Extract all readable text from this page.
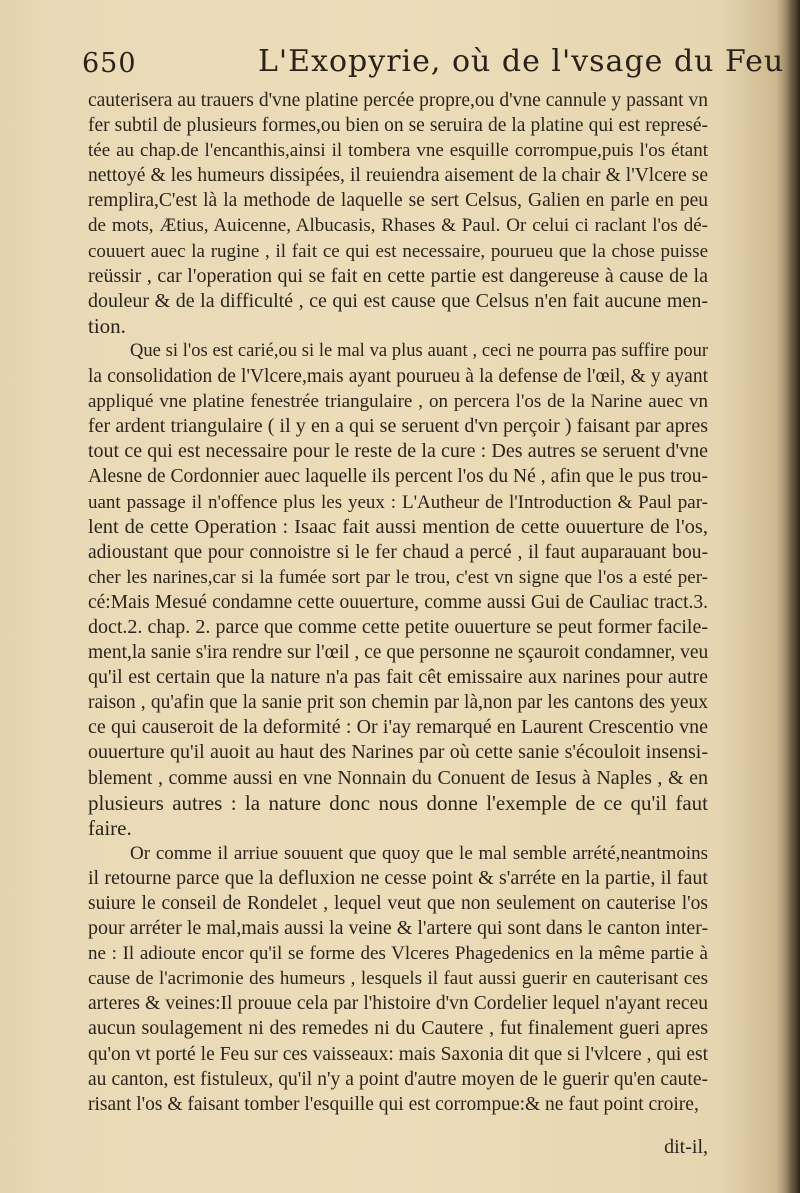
650	L'Exopyrie, où de l'vsage du Feu
cauterisera au trauers d'vne platine percée propre,ou d'vne cannule y passant vn
fer subtil de plusieurs formes,ou bien on se seruira de la platine qui est represé-
tée au chap.de l'encanthis,ainsi il tombera vne esquille corrompue,puis l'os étant
nettoyé & les humeurs dissipées, il reuiendra aisement de la chair & l'Vlcere se
remplira,C'est là la methode de laquelle se sert Celsus, Galien en parle en peu
de mots, Ætius, Auicenne, Albucasis, Rhases & Paul. Or celui ci raclant l'os dé-
couuert auec la rugine , il fait ce qui est necessaire, pourueu que la chose puisse
reüssir , car l'operation qui se fait en cette partie est dangereuse à cause de la
douleur & de la difficulté , ce qui est cause que Celsus n'en fait aucune men-
tion.
Que si l'os est carié,ou si le mal va plus auant , ceci ne pourra pas suffire pour
la consolidation de l'Vlcere,mais ayant pourueu à la defense de l'œil, & y ayant
appliqué vne platine fenestrée triangulaire , on percera l'os de la Narine auec vn
fer ardent triangulaire ( il y en a qui se seruent d'vn perçoir ) faisant par apres
tout ce qui est necessaire pour le reste de la cure : Des autres se seruent d'vne
Alesne de Cordonnier auec laquelle ils percent l'os du Né , afin que le pus trou-
uant passage il n'offence plus les yeux : L'Autheur de l'Introduction & Paul par-
lent de cette Operation : Isaac fait aussi mention de cette ouuerture de l'os,
adioustant que pour connoistre si le fer chaud a percé , il faut auparauant bou-
cher les narines,car si la fumée sort par le trou, c'est vn signe que l'os a esté per-
cé:Mais Mesué condamne cette ouuerture, comme aussi Gui de Cauliac tract.3.
doct.2. chap. 2. parce que comme cette petite ouuerture se peut former facile-
ment,la sanie s'ira rendre sur l'œil , ce que personne ne sçauroit condamner, veu
qu'il est certain que la nature n'a pas fait cêt emissaire aux narines pour autre
raison , qu'afin que la sanie prit son chemin par là,non par les cantons des yeux
ce qui causeroit de la deformité : Or i'ay remarqué en Laurent Crescentio vne
ouuerture qu'il auoit au haut des Narines par où cette sanie s'écouloit insensi-
blement , comme aussi en vne Nonnain du Conuent de Iesus à Naples , & en
plusieurs autres : la nature donc nous donne l'exemple de ce qu'il faut
faire.
Or comme il arriue souuent que quoy que le mal semble arrété,neantmoins
il retourne parce que la defluxion ne cesse point & s'arréte en la partie, il faut
suiure le conseil de Rondelet , lequel veut que non seulement on cauterise l'os
pour arréter le mal,mais aussi la veine & l'artere qui sont dans le canton inter-
ne : Il adioute encor qu'il se forme des Vlceres Phagedenics en la même partie à
cause de l'acrimonie des humeurs , lesquels il faut aussi guerir en cauterisant ces
arteres & veines:Il prouue cela par l'histoire d'vn Cordelier lequel n'ayant receu
aucun soulagement ni des remedes ni du Cautere , fut finalement gueri apres
qu'on vt porté le Feu sur ces vaisseaux: mais Saxonia dit que si l'vlcere , qui est
au canton, est fistuleux, qu'il n'y a point d'autre moyen de le guerir qu'en caute-
risant l'os & faisant tomber l'esquille qui est corrompue:& ne faut point croire,
dit-il,
